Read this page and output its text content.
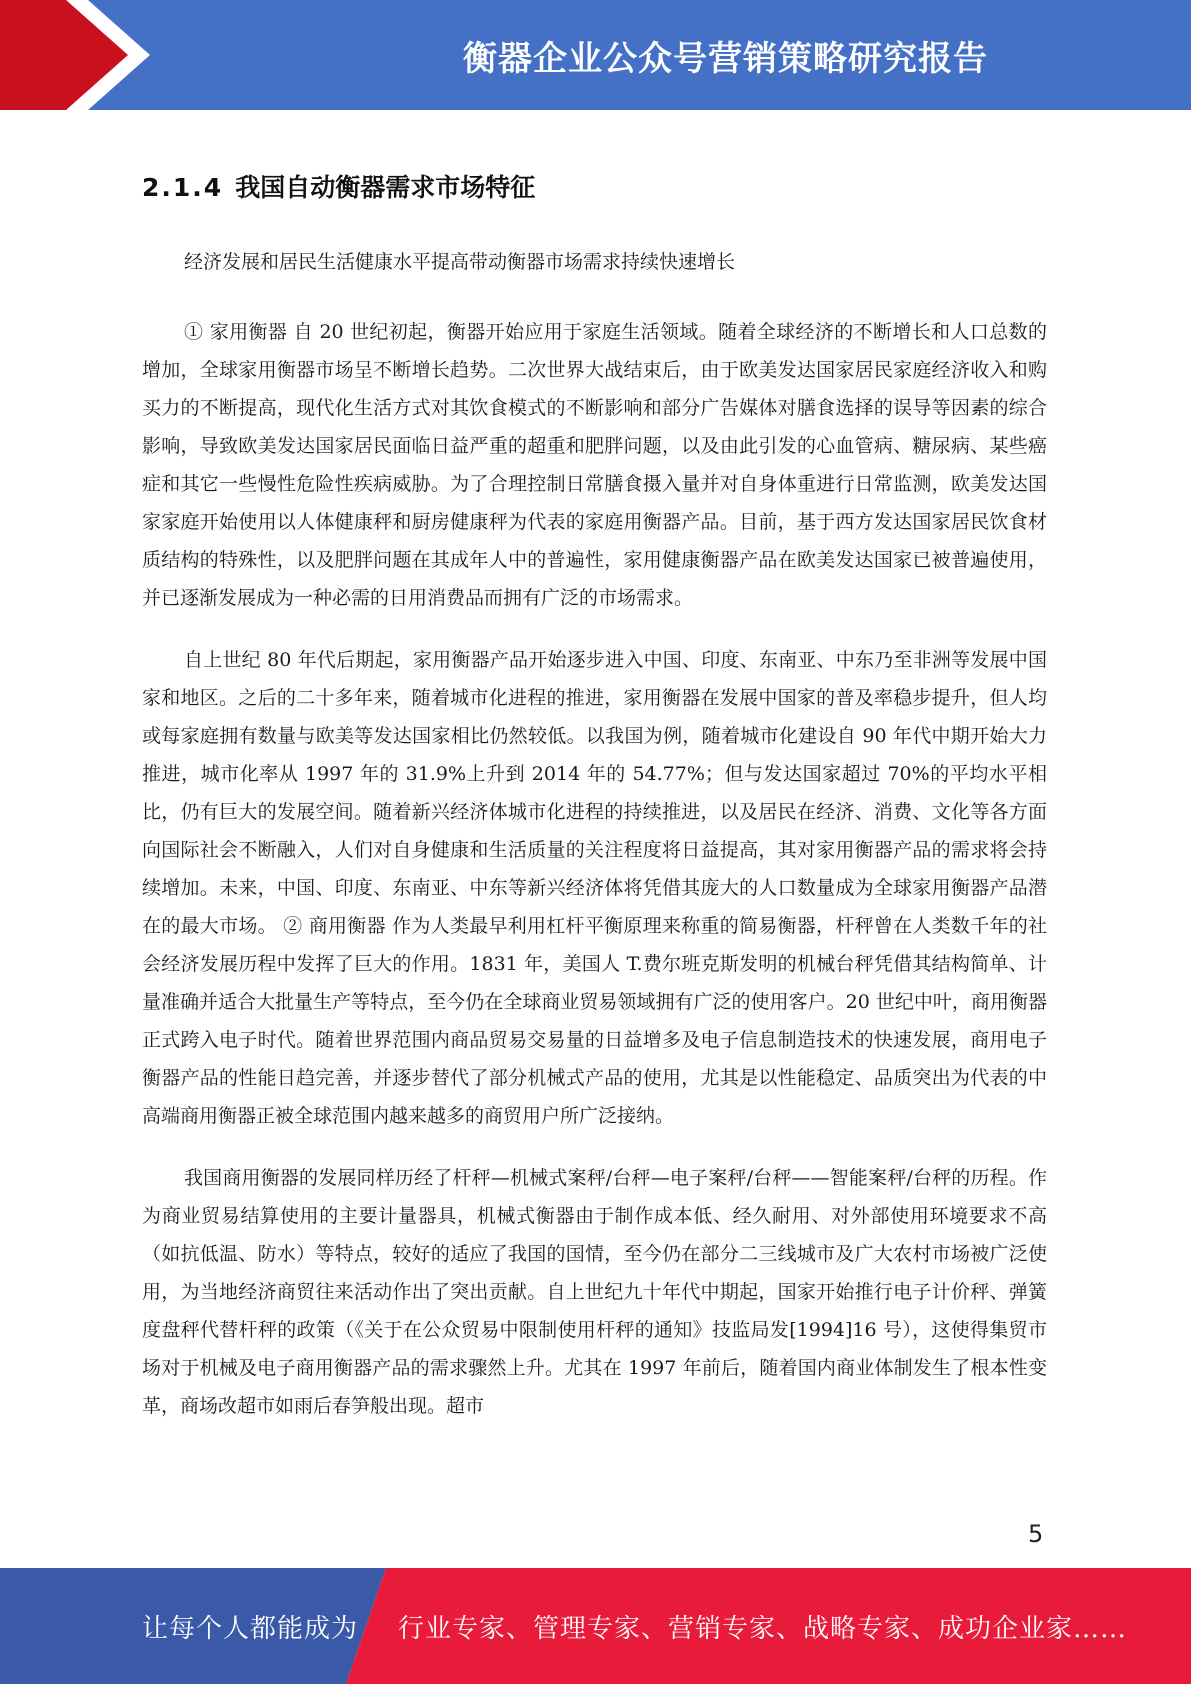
衡器企业公众号营销策略研究报告
2.1.4 我国自动衡器需求市场特征

经济发展和居民生活健康水平提高带动衡器市场需求持续快速增长

① 家用衡器 自 20 世纪初起，衡器开始应用于家庭生活领域。随着全球经济的不断增长和人口总数的增加，全球家用衡器市场呈不断增长趋势。二次世界大战结束后，由于欧美发达国家居民家庭经济收入和购买力的不断提高，现代化生活方式对其饮食模式的不断影响和部分广告媒体对膳食选择的误导等因素的综合影响，导致欧美发达国家居民面临日益严重的超重和肥胖问题，以及由此引发的心血管病、糖尿病、某些癌症和其它一些慢性危险性疾病威胁。为了合理控制日常膳食摄入量并对自身体重进行日常监测，欧美发达国家家庭开始使用以人体健康秤和厨房健康秤为代表的家庭用衡器产品。目前，基于西方发达国家居民饮食材质结构的特殊性，以及肥胖问题在其成年人中的普遍性，家用健康衡器产品在欧美发达国家已被普遍使用，并已逐渐发展成为一种必需的日用消费品而拥有广泛的市场需求。

自上世纪 80 年代后期起，家用衡器产品开始逐步进入中国、印度、东南亚、中东乃至非洲等发展中国家和地区。之后的二十多年来，随着城市化进程的推进，家用衡器在发展中国家的普及率稳步提升，但人均或每家庭拥有数量与欧美等发达国家相比仍然较低。以我国为例，随着城市化建设自 90 年代中期开始大力推进，城市化率从 1997 年的 31.9%上升到 2014 年的 54.77%；但与发达国家超过 70%的平均水平相比，仍有巨大的发展空间。随着新兴经济体城市化进程的持续推进，以及居民在经济、消费、文化等各方面向国际社会不断融入，人们对自身健康和生活质量的关注程度将日益提高，其对家用衡器产品的需求将会持续增加。未来，中国、印度、东南亚、中东等新兴经济体将凭借其庞大的人口数量成为全球家用衡器产品潜在的最大市场。 ② 商用衡器 作为人类最早利用杠杆平衡原理来称重的简易衡器，杆秤曾在人类数千年的社会经济发展历程中发挥了巨大的作用。1831 年，美国人 T.费尔班克斯发明的机械台秤凭借其结构简单、计量准确并适合大批量生产等特点，至今仍在全球商业贸易领域拥有广泛的使用客户。20 世纪中叶，商用衡器正式跨入电子时代。随着世界范围内商品贸易交易量的日益增多及电子信息制造技术的快速发展，商用电子衡器产品的性能日趋完善，并逐步替代了部分机械式产品的使用，尤其是以性能稳定、品质突出为代表的中高端商用衡器正被全球范围内越来越多的商贸用户所广泛接纳。

我国商用衡器的发展同样历经了杆秤—机械式案秤/台秤—电子案秤/台秤——智能案秤/台秤的历程。作为商业贸易结算使用的主要计量器具，机械式衡器由于制作成本低、经久耐用、对外部使用环境要求不高（如抗低温、防水）等特点，较好的适应了我国的国情，至今仍在部分二三线城市及广大农村市场被广泛使用，为当地经济商贸往来活动作出了突出贡献。自上世纪九十年代中期起，国家开始推行电子计价秤、弹簧度盘秤代替杆秤的政策（《关于在公众贸易中限制使用杆秤的通知》技监局发[1994]16 号），这使得集贸市场对于机械及电子商用衡器产品的需求骤然上升。尤其在 1997 年前后，随着国内商业体制发生了根本性变革，商场改超市如雨后春笋般出现。超市

5
让每个人都能成为 行业专家、管理专家、营销专家、战略专家、成功企业家……
